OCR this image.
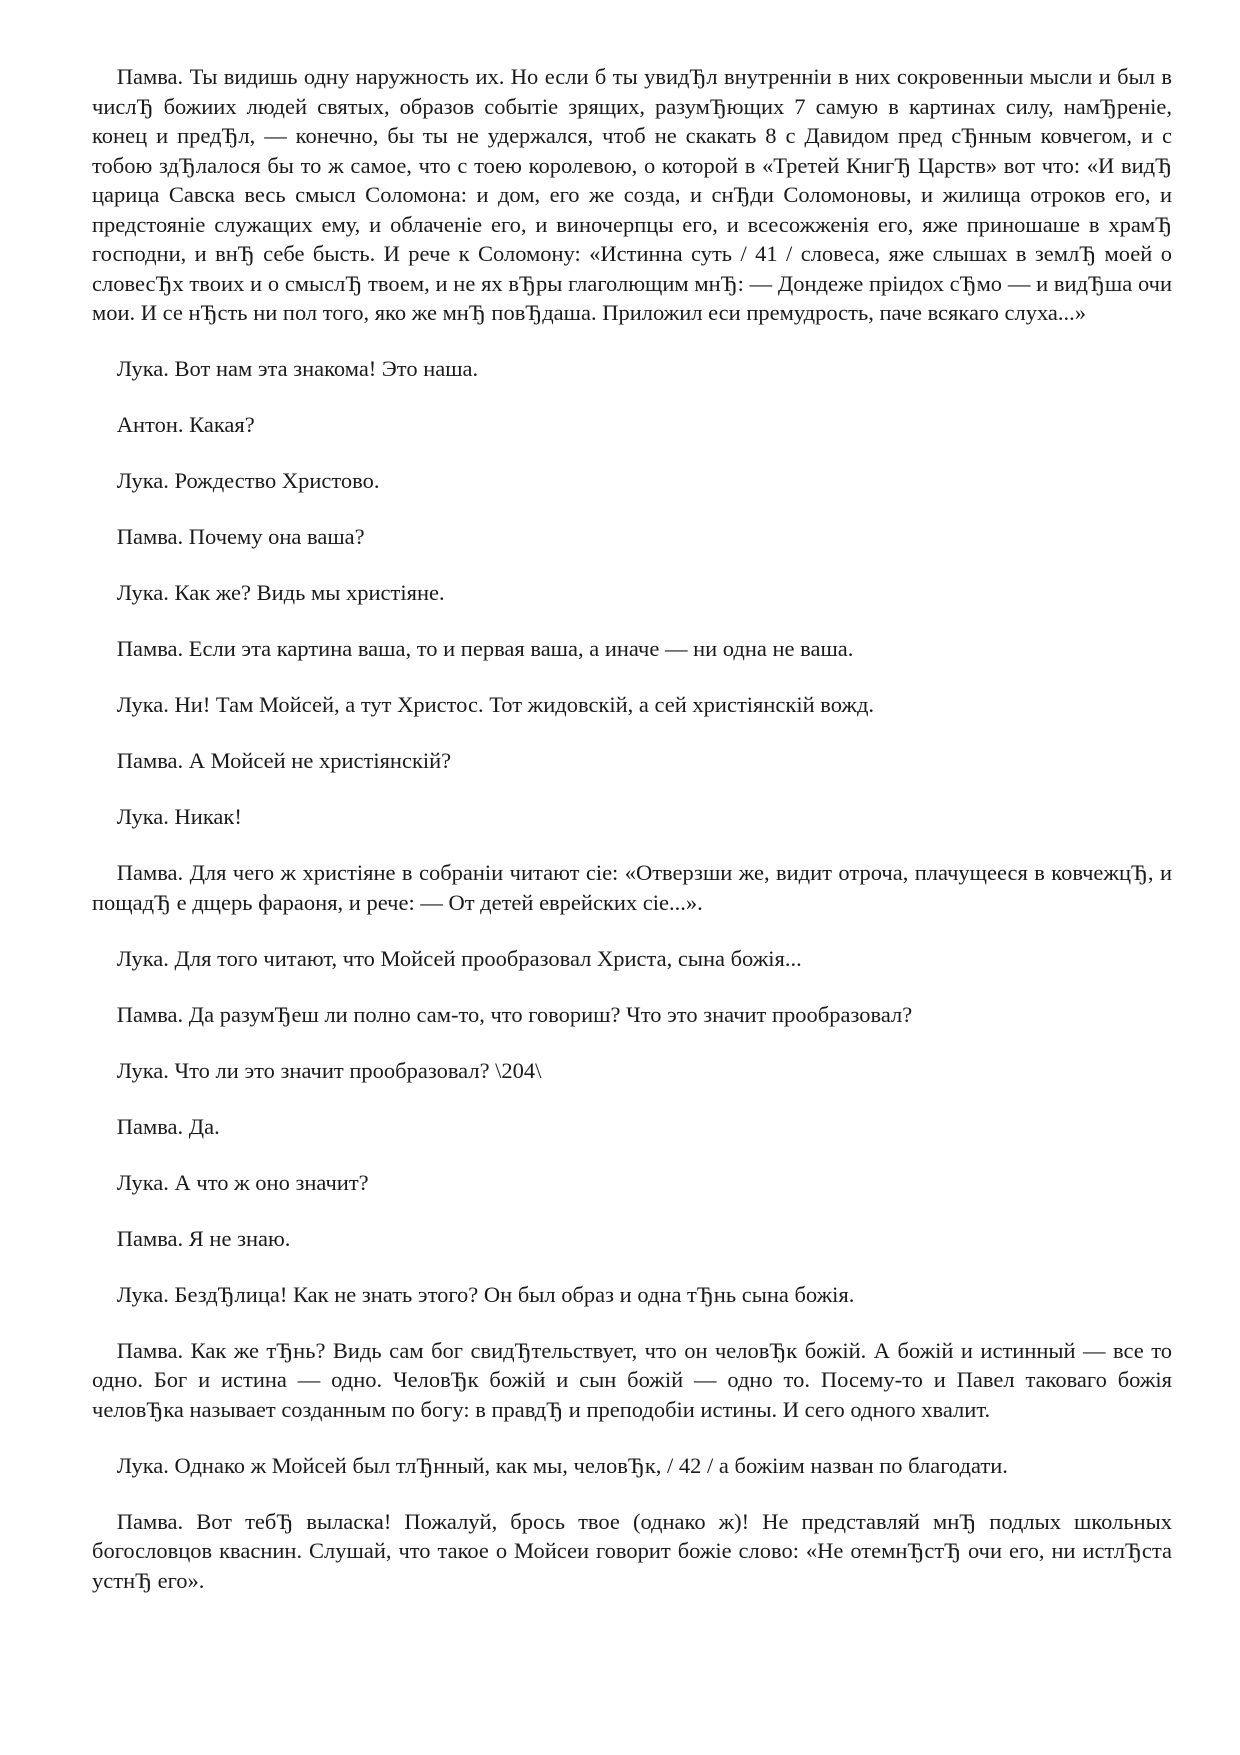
Памва. Ты видишь одну наружность их. Но если б ты увидЂл внутренніи в них сокровенныи мысли и был в числЂ божиих людей святых, образов событіе зрящих, разумЂющих 7 самую в картинах силу, намЂреніе, конец и предЂл, — конечно, бы ты не удержался, чтоб не скакать 8 с Давидом пред сЂнным ковчегом, и с тобою здЂлалося бы то ж самое, что с тоею королевою, о которой в «Третей КнигЂ Царств» вот что: «И видЂ царица Савска весь смысл Соломона: и дом, его же созда, и снЂди Соломоновы, и жилища отроков его, и предстояніе служащих ему, и облаченіе его, и виночерпцы его, и всесожженія его, яже приношаше в храмЂ господни, и внЂ себе бысть. И рече к Соломону: «Истинна суть / 41 / словеса, яже слышах в землЂ моей о словесЂх твоих и о смыслЂ твоем, и не ях вЂры глаголющим мнЂ: — Дондеже пріидох сЂмо — и видЂша очи мои. И се нЂсть ни пол того, яко же мнЂ повЂдаша. Приложил еси премудрость, паче всякаго слуха...»

Лука. Вот нам эта знакома! Это наша.

Антон. Какая?

Лука. Рождество Христово.

Памва. Почему она ваша?

Лука. Как же? Видь мы христіяне.

Памва. Если эта картина ваша, то и первая ваша, а иначе — ни одна не ваша.

Лука. Ни! Там Мойсей, а тут Христос. Тот жидовскій, а сей христіянскій вожд.

Памва. А Мойсей не христіянскій?

Лука. Никак!

Памва. Для чего ж христіяне в собраніи читают сіе: «Отверзши же, видит отроча, плачущееся в ковчежцЂ, и пощадЂ е дщерь фараоня, и рече: — От детей еврейских сіе...».

Лука. Для того читают, что Мойсей прообразовал Христа, сына божія...

Памва. Да разумЂеш ли полно сам-то, что говориш? Что это значит прообразовал?

Лука. Что ли это значит прообразовал? \204\

Памва. Да.

Лука. А что ж оно значит?

Памва. Я не знаю.

Лука. БездЂлица! Как не знать этого? Он был образ и одна тЂнь сына божія.

Памва. Как же тЂнь? Видь сам бог свидЂтельствует, что он человЂк божій. А божій и истинный — все то одно. Бог и истина — одно. ЧеловЂк божій и сын божій — одно то. Посему-то и Павел таковаго божія человЂка называет созданным по богу: в правдЂ и преподобіи истины. И сего одного хвалит.

Лука. Однако ж Мойсей был тлЂнный, как мы, человЂк, / 42 / а божіим назван по благодати.

Памва. Вот тебЂ выласка! Пожалуй, брось твое (однако ж)! Не представляй мнЂ подлых школьных богословцов кваснин. Слушай, что такое о Мойсеи говорит божіе слово: «Не отемнЂстЂ очи его, ни истлЂста устнЂ его».
